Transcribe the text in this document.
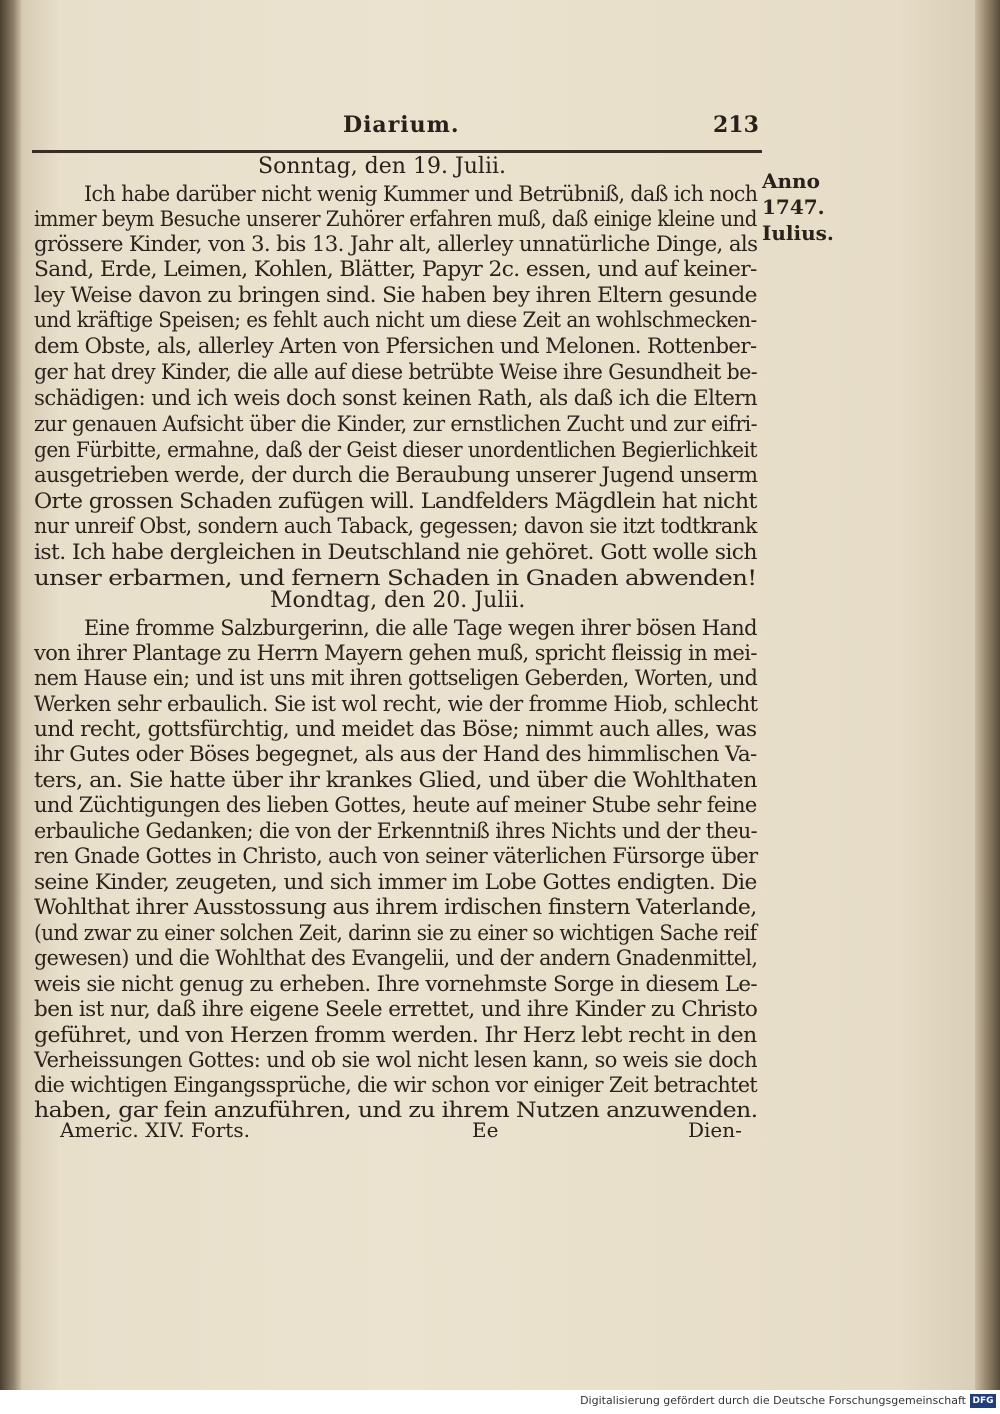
Diarium.	213
Anno
1747.
Iulius.
Sonntag, den 19. Julii.
Ich habe darüber nicht wenig Kummer und Betrübniß, daß ich noch
immer beym Besuche unserer Zuhörer erfahren muß, daß einige kleine und
grössere Kinder, von 3. bis 13. Jahr alt, allerley unnatürliche Dinge, als
Sand, Erde, Leimen, Kohlen, Blätter, Papyr 2c. essen, und auf keiner-
ley Weise davon zu bringen sind. Sie haben bey ihren Eltern gesunde
und kräftige Speisen; es fehlt auch nicht um diese Zeit an wohlschmecken-
dem Obste, als, allerley Arten von Pfersichen und Melonen. Rottenber-
ger hat drey Kinder, die alle auf diese betrübte Weise ihre Gesundheit be-
schädigen: und ich weis doch sonst keinen Rath, als daß ich die Eltern
zur genauen Aufsicht über die Kinder, zur ernstlichen Zucht und zur eifri-
gen Fürbitte, ermahne, daß der Geist dieser unordentlichen Begierlichkeit
ausgetrieben werde, der durch die Beraubung unserer Jugend unserm
Orte grossen Schaden zufügen will. Landfelders Mägdlein hat nicht
nur unreif Obst, sondern auch Taback, gegessen; davon sie itzt todtkrank
ist. Ich habe dergleichen in Deutschland nie gehöret. Gott wolle sich
unser erbarmen, und fernern Schaden in Gnaden abwenden!
Mondtag, den 20. Julii.
Eine fromme Salzburgerinn, die alle Tage wegen ihrer bösen Hand
von ihrer Plantage zu Herrn Mayern gehen muß, spricht fleissig in mei-
nem Hause ein; und ist uns mit ihren gottseligen Geberden, Worten, und
Werken sehr erbaulich. Sie ist wol recht, wie der fromme Hiob, schlecht
und recht, gottsfürchtig, und meidet das Böse; nimmt auch alles, was
ihr Gutes oder Böses begegnet, als aus der Hand des himmlischen Va-
ters, an. Sie hatte über ihr krankes Glied, und über die Wohlthaten
und Züchtigungen des lieben Gottes, heute auf meiner Stube sehr feine
erbauliche Gedanken; die von der Erkenntniß ihres Nichts und der theu-
ren Gnade Gottes in Christo, auch von seiner väterlichen Fürsorge über
seine Kinder, zeugeten, und sich immer im Lobe Gottes endigten. Die
Wohlthat ihrer Ausstossung aus ihrem irdischen finstern Vaterlande,
(und zwar zu einer solchen Zeit, darinn sie zu einer so wichtigen Sache reif
gewesen) und die Wohlthat des Evangelii, und der andern Gnadenmittel,
weis sie nicht genug zu erheben. Ihre vornehmste Sorge in diesem Le-
ben ist nur, daß ihre eigene Seele errettet, und ihre Kinder zu Christo
geführet, und von Herzen fromm werden. Ihr Herz lebt recht in den
Verheissungen Gottes: und ob sie wol nicht lesen kann, so weis sie doch
die wichtigen Eingangssprüche, die wir schon vor einiger Zeit betrachtet
haben, gar fein anzuführen, und zu ihrem Nutzen anzuwenden.
Americ. XIV. Forts.	Ee	Dien-
Digitalisierung gefördert durch die Deutsche Forschungsgemeinschaft DFG
